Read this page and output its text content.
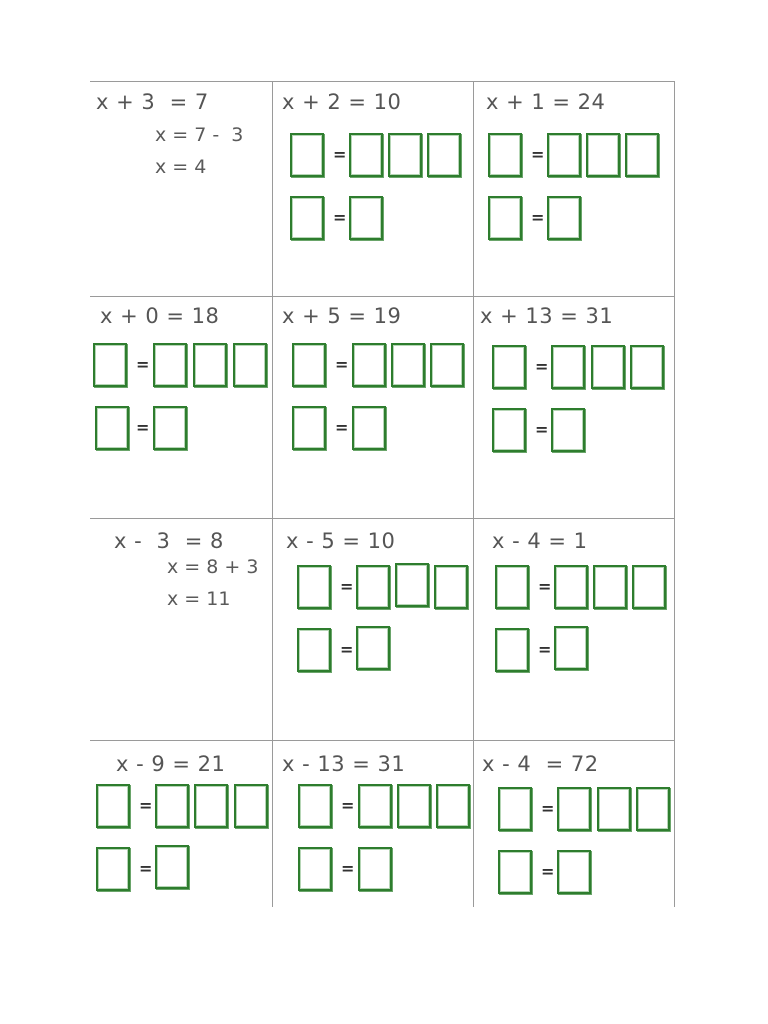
x + 3  = 7
x = 7 -  3
x = 4
x + 2 = 10
=
=
x + 1 = 24
=
=
x + 0 = 18
=
=
x + 5 = 19
=
=
x + 13 = 31
=
=
x -  3  = 8
x = 8 + 3
x = 11
x - 5 = 10
=
=
x - 4 = 1
=
=
x - 9 = 21
=
=
x - 13 = 31
=
=
x - 4  = 72
=
=
